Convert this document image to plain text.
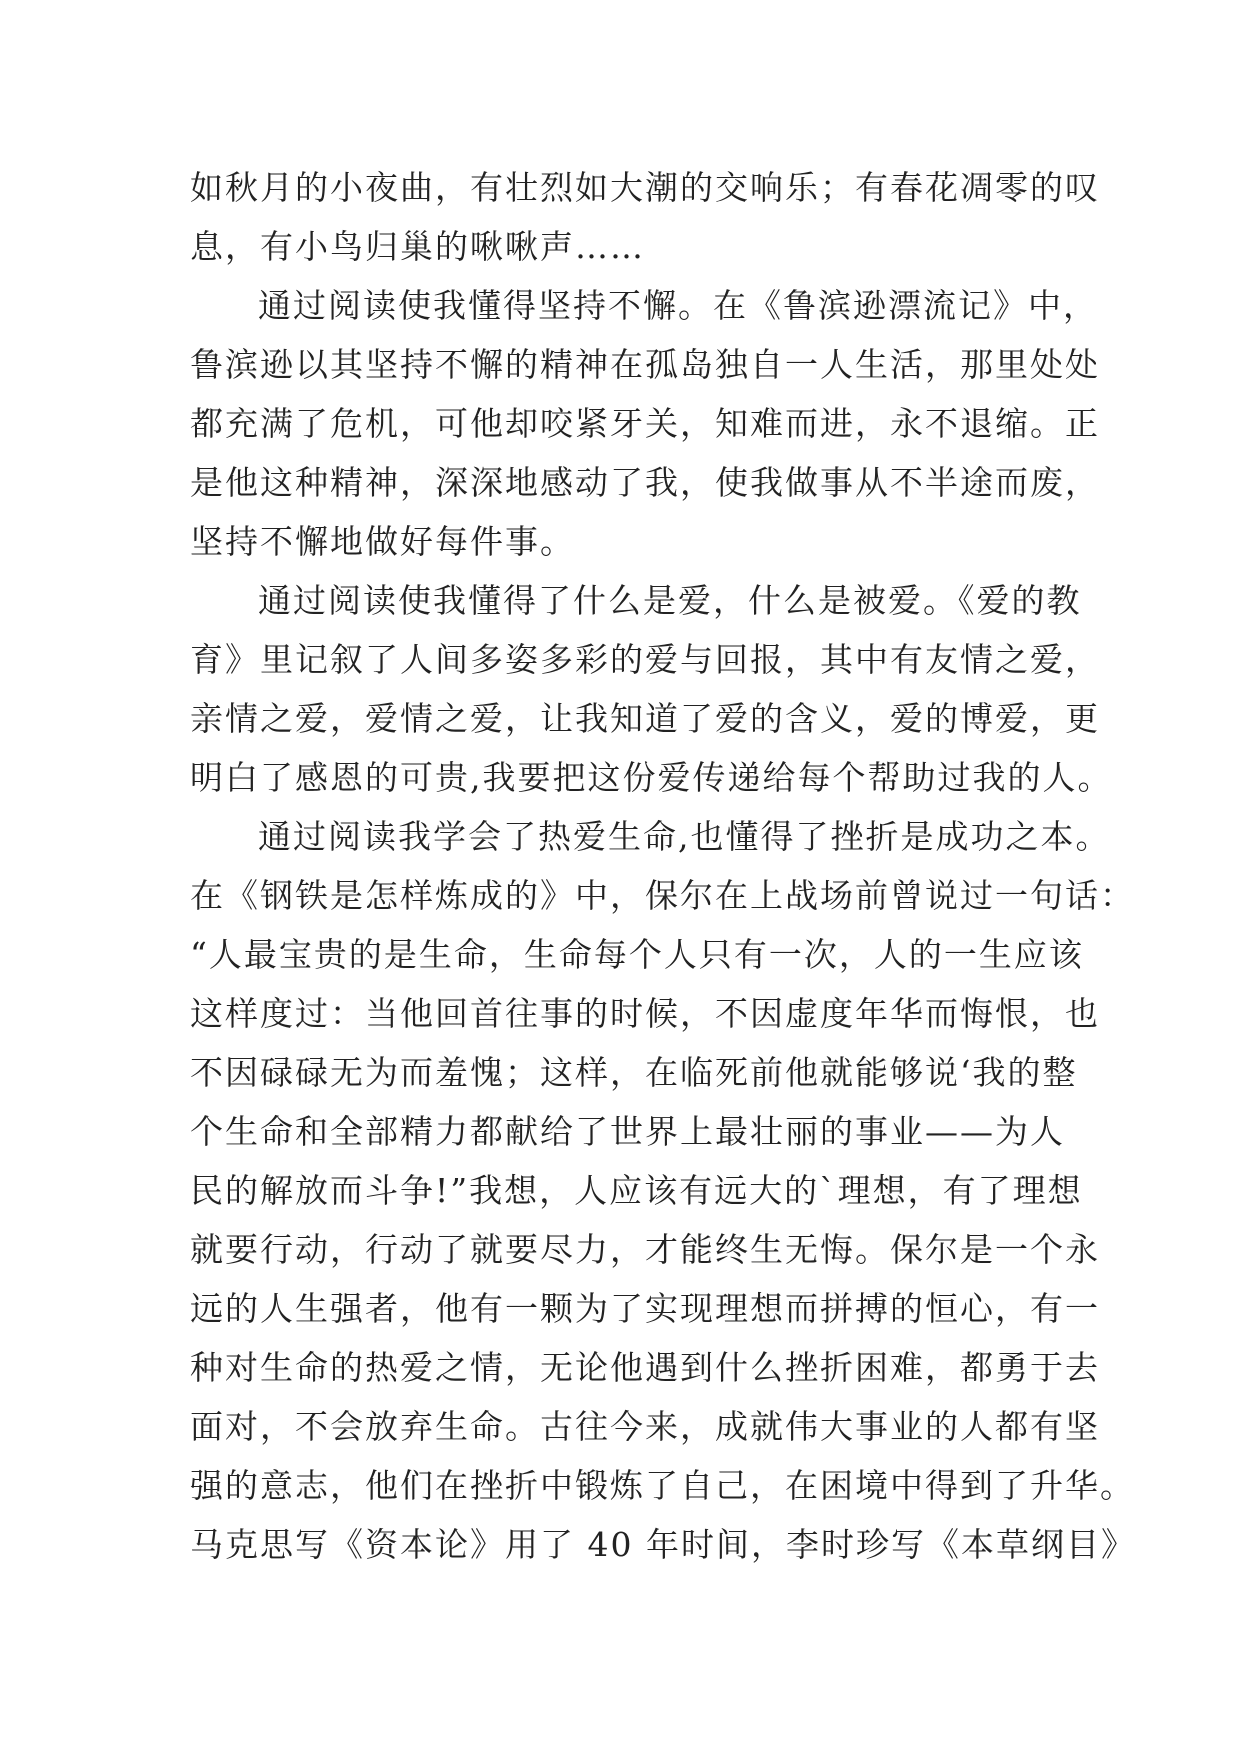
如秋月的小夜曲，有壮烈如大潮的交响乐；有春花凋零的叹
息，有小鸟归巢的啾啾声……
通过阅读使我懂得坚持不懈。在《鲁滨逊漂流记》中，
鲁滨逊以其坚持不懈的精神在孤岛独自一人生活，那里处处
都充满了危机，可他却咬紧牙关，知难而进，永不退缩。正
是他这种精神，深深地感动了我，使我做事从不半途而废，
坚持不懈地做好每件事。
通过阅读使我懂得了什么是爱，什么是被爱。《爱的教
育》里记叙了人间多姿多彩的爱与回报，其中有友情之爱，
亲情之爱，爱情之爱，让我知道了爱的含义，爱的博爱，更
明白了感恩的可贵,我要把这份爱传递给每个帮助过我的人。
通过阅读我学会了热爱生命,也懂得了挫折是成功之本。
在《钢铁是怎样炼成的》中，保尔在上战场前曾说过一句话：
“人最宝贵的是生命，生命每个人只有一次，人的一生应该
这样度过：当他回首往事的时候，不因虚度年华而悔恨，也
不因碌碌无为而羞愧；这样，在临死前他就能够说‘我的整
个生命和全部精力都献给了世界上最壮丽的事业——为人
民的解放而斗争!”我想，人应该有远大的`理想，有了理想
就要行动，行动了就要尽力，才能终生无悔。保尔是一个永
远的人生强者，他有一颗为了实现理想而拼搏的恒心，有一
种对生命的热爱之情，无论他遇到什么挫折困难，都勇于去
面对，不会放弃生命。古往今来，成就伟大事业的人都有坚
强的意志，他们在挫折中锻炼了自己，在困境中得到了升华。
马克思写《资本论》用了 40 年时间，李时珍写《本草纲目》
